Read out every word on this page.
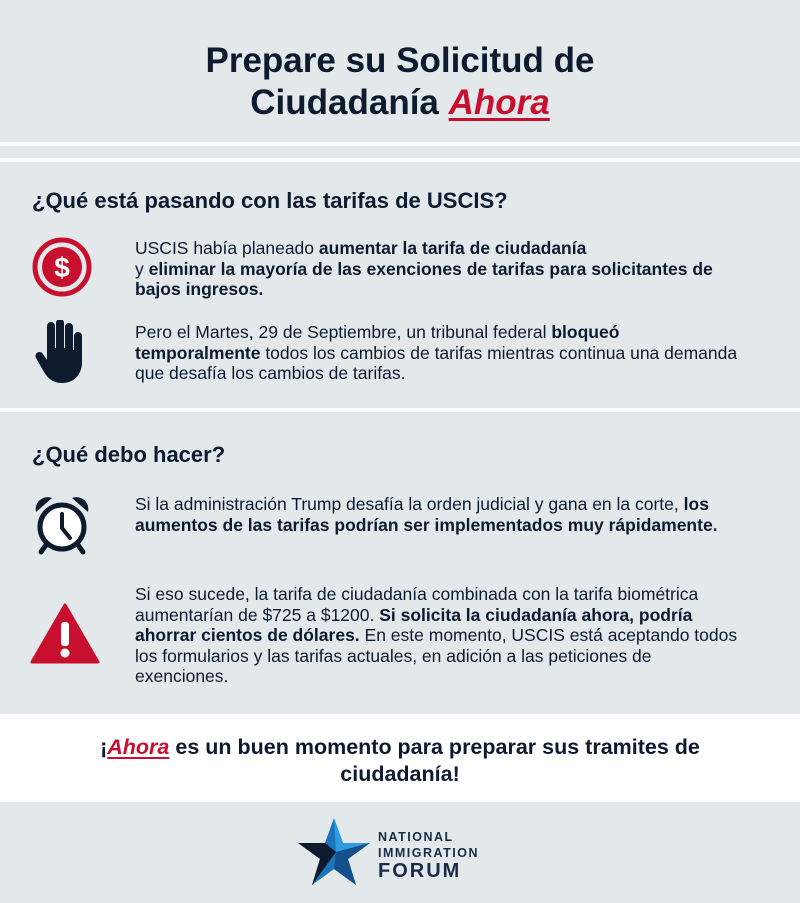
Prepare su Solicitud de
Ciudadanía Ahora
¿Qué está pasando con las tarifas de USCIS?
$
USCIS había planeado aumentar la tarifa de ciudadanía
y eliminar la mayoría de las exenciones de tarifas para solicitantes de bajos ingresos.
Pero el Martes, 29 de Septiembre, un tribunal federal bloqueó temporalmente todos los cambios de tarifas mientras continua una demanda que desafía los cambios de tarifas.
¿Qué debo hacer?
Si la administración Trump desafía la orden judicial y gana en la corte, los aumentos de las tarifas podrían ser implementados muy rápidamente.
Si eso sucede, la tarifa de ciudadanía combinada con la tarifa biométrica aumentarían de $725 a $1200. Si solicita la ciudadanía ahora, podría ahorrar cientos de dólares. En este momento, USCIS está aceptando todos los formularios y las tarifas actuales, en adición a las peticiones de exenciones.
¡Ahora es un buen momento para preparar sus tramites de ciudadanía!
NATIONAL
IMMIGRATION
FORUM
